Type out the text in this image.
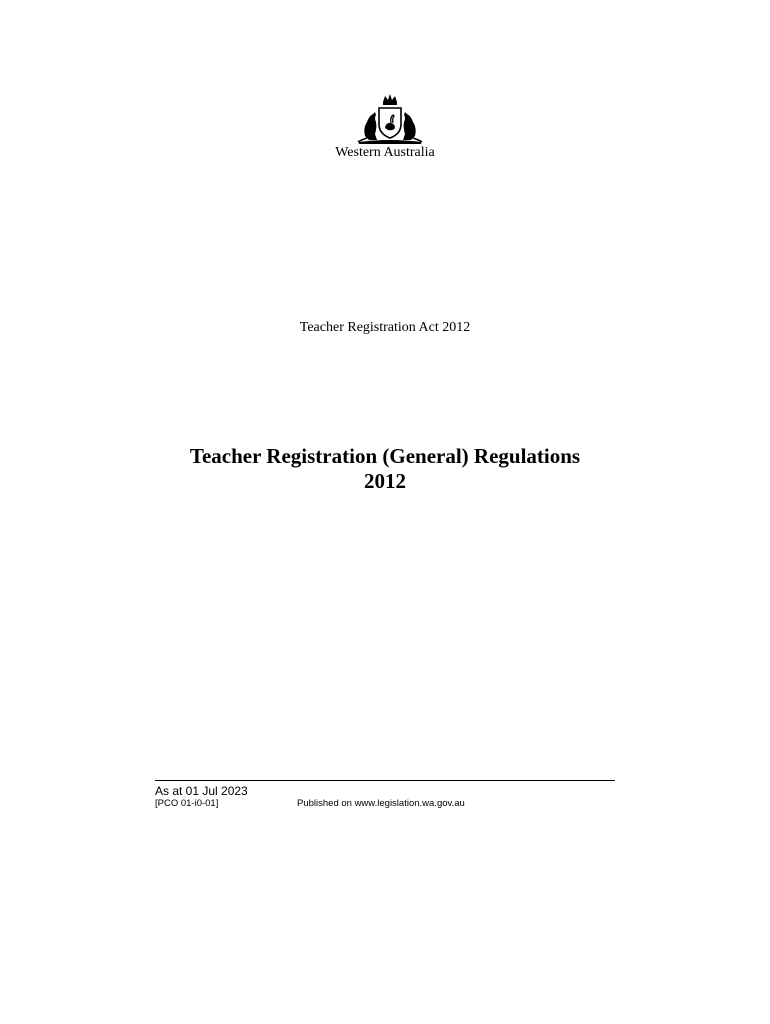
Western Australia
Teacher Registration Act 2012
Teacher Registration (General) Regulations
2012
As at 01 Jul 2023
[PCO 01-i0-01]	Published on www.legislation.wa.gov.au
